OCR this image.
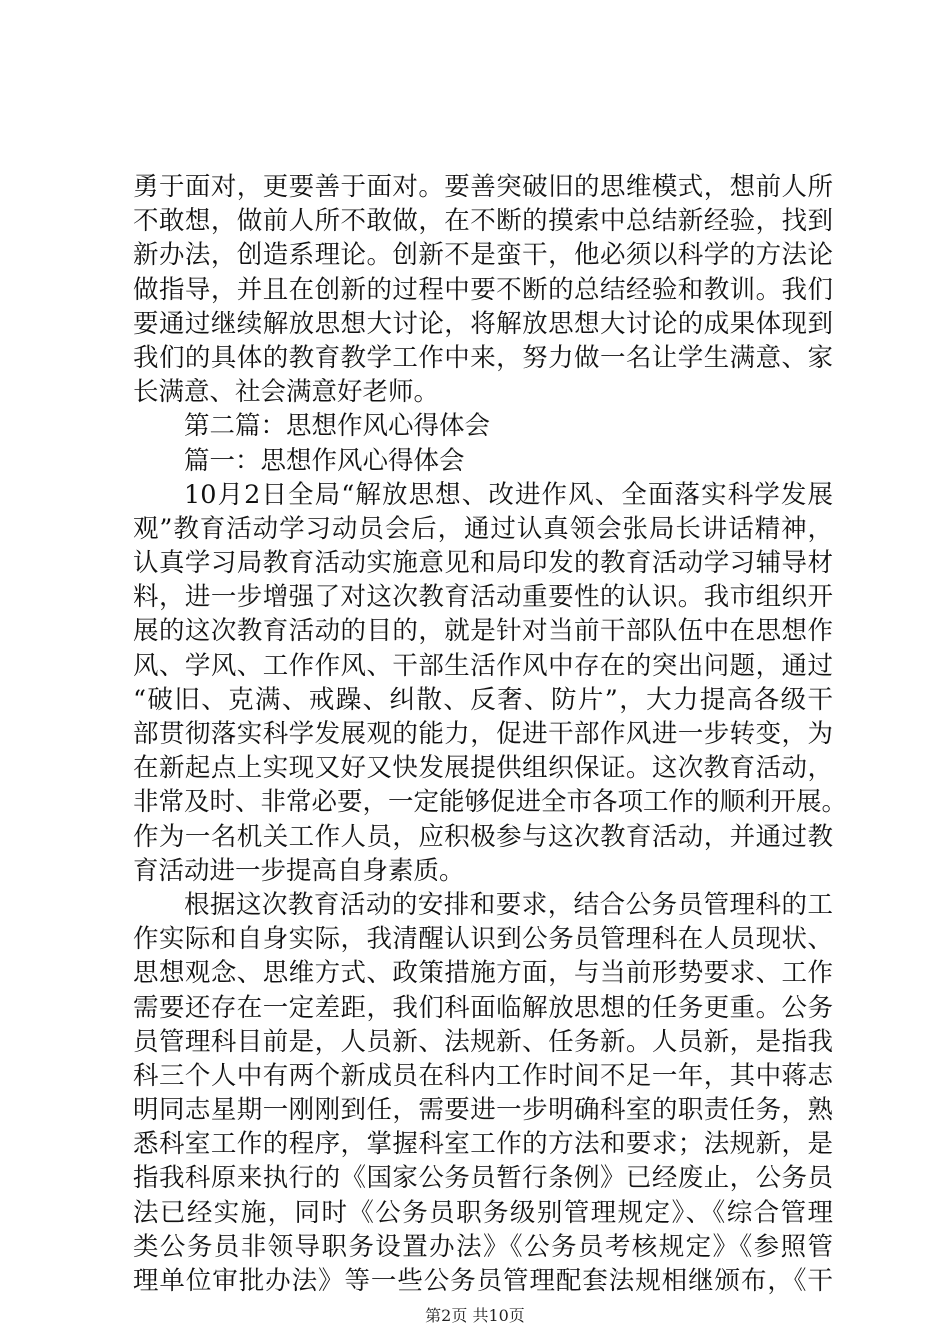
勇于面对，更要善于面对。要善突破旧的思维模式，想前人所
不敢想，做前人所不敢做，在不断的摸索中总结新经验，找到
新办法，创造系理论。创新不是蛮干，他必须以科学的方法论
做指导，并且在创新的过程中要不断的总结经验和教训。我们
要通过继续解放思想大讨论，将解放思想大讨论的成果体现到
我们的具体的教育教学工作中来，努力做一名让学生满意、家
长满意、社会满意好老师。
第二篇：思想作风心得体会
篇一：思想作风心得体会
10月2日全局“解放思想、改进作风、全面落实科学发展
观”教育活动学习动员会后，通过认真领会张局长讲话精神，
认真学习局教育活动实施意见和局印发的教育活动学习辅导材
料，进一步增强了对这次教育活动重要性的认识。我市组织开
展的这次教育活动的目的，就是针对当前干部队伍中在思想作
风、学风、工作作风、干部生活作风中存在的突出问题，通过
“破旧、克满、戒躁、纠散、反奢、防片”，大力提高各级干
部贯彻落实科学发展观的能力，促进干部作风进一步转变，为
在新起点上实现又好又快发展提供组织保证。这次教育活动，
非常及时、非常必要，一定能够促进全市各项工作的顺利开展。
作为一名机关工作人员，应积极参与这次教育活动，并通过教
育活动进一步提高自身素质。
根据这次教育活动的安排和要求，结合公务员管理科的工
作实际和自身实际，我清醒认识到公务员管理科在人员现状、
思想观念、思维方式、政策措施方面，与当前形势要求、工作
需要还存在一定差距，我们科面临解放思想的任务更重。公务
员管理科目前是，人员新、法规新、任务新。人员新，是指我
科三个人中有两个新成员在科内工作时间不足一年，其中蒋志
明同志星期一刚刚到任，需要进一步明确科室的职责任务，熟
悉科室工作的程序，掌握科室工作的方法和要求；法规新，是
指我科原来执行的《国家公务员暂行条例》已经废止，公务员
法已经实施，同时《公务员职务级别管理规定》、《综合管理
类公务员非领导职务设置办法》《公务员考核规定》《参照管
理单位审批办法》等一些公务员管理配套法规相继颁布，《干
第2页 共10页
